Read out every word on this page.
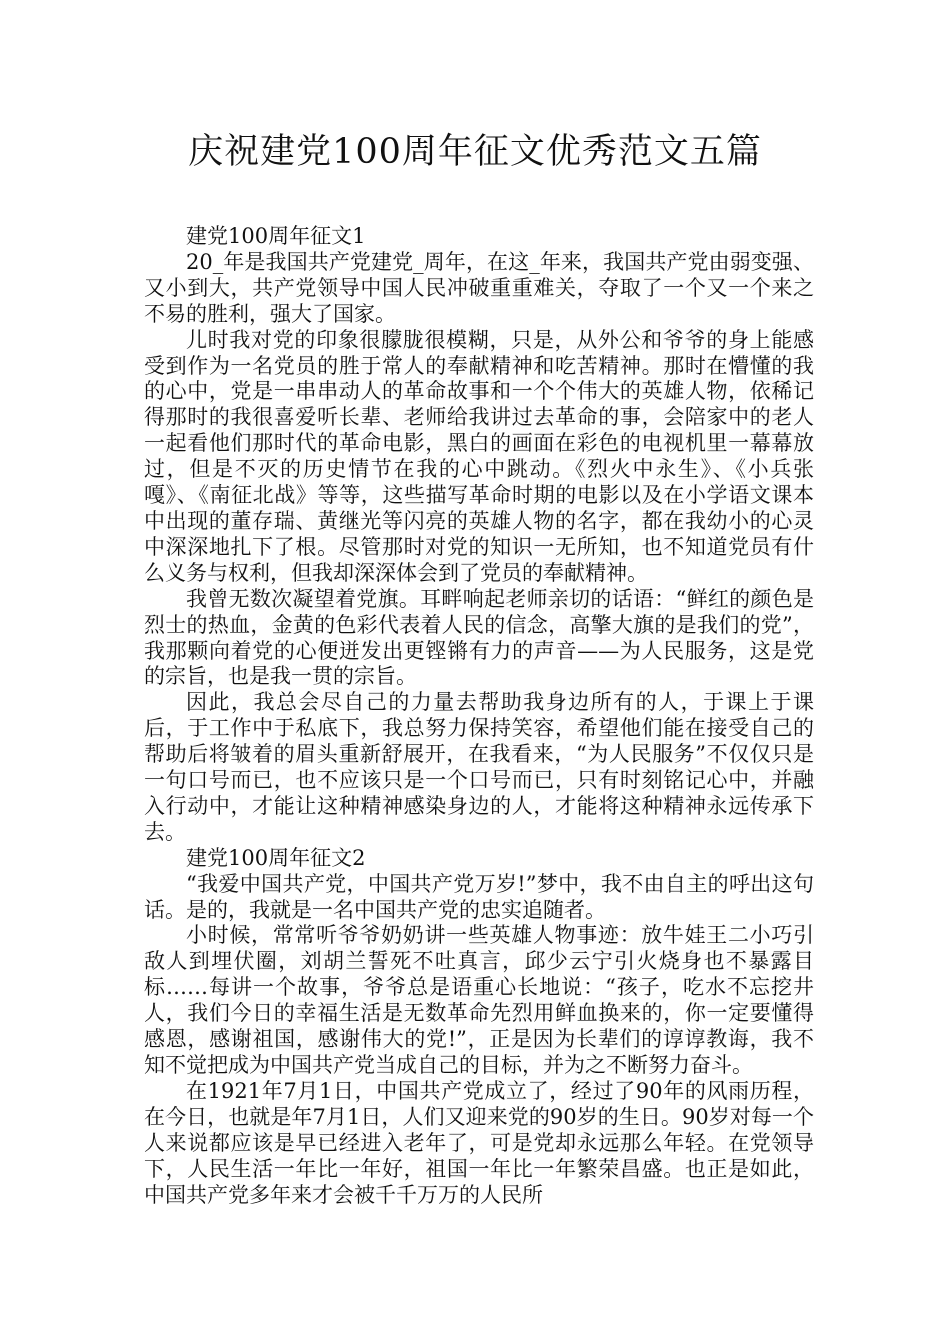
庆祝建党100周年征文优秀范文五篇

建党100周年征文1

20_年是我国共产党建党_周年，在这_年来，我国共产党由弱变强、又小到大，共产党领导中国人民冲破重重难关，夺取了一个又一个来之不易的胜利，强大了国家。

儿时我对党的印象很朦胧很模糊，只是，从外公和爷爷的身上能感受到作为一名党员的胜于常人的奉献精神和吃苦精神。那时在懵懂的我的心中，党是一串串动人的革命故事和一个个伟大的英雄人物，依稀记得那时的我很喜爱听长辈、老师给我讲过去革命的事，会陪家中的老人一起看他们那时代的革命电影，黑白的画面在彩色的电视机里一幕幕放过，但是不灭的历史情节在我的心中跳动。《烈火中永生》、《小兵张嘎》、《南征北战》等等，这些描写革命时期的电影以及在小学语文课本中出现的董存瑞、黄继光等闪亮的英雄人物的名字，都在我幼小的心灵中深深地扎下了根。尽管那时对党的知识一无所知，也不知道党员有什么义务与权利，但我却深深体会到了党员的奉献精神。

我曾无数次凝望着党旗。耳畔响起老师亲切的话语：“鲜红的颜色是烈士的热血，金黄的色彩代表着人民的信念，高擎大旗的是我们的党”，我那颗向着党的心便迸发出更铿锵有力的声音——为人民服务，这是党的宗旨，也是我一贯的宗旨。

因此，我总会尽自己的力量去帮助我身边所有的人，于课上于课后，于工作中于私底下，我总努力保持笑容，希望他们能在接受自己的帮助后将皱着的眉头重新舒展开，在我看来，“为人民服务”不仅仅只是一句口号而已，也不应该只是一个口号而已，只有时刻铭记心中，并融入行动中，才能让这种精神感染身边的人，才能将这种精神永远传承下去。

建党100周年征文2

“我爱中国共产党，中国共产党万岁!”梦中，我不由自主的呼出这句话。是的，我就是一名中国共产党的忠实追随者。

小时候，常常听爷爷奶奶讲一些英雄人物事迹：放牛娃王二小巧引敌人到埋伏圈，刘胡兰誓死不吐真言，邱少云宁引火烧身也不暴露目标……每讲一个故事，爷爷总是语重心长地说：“孩子，吃水不忘挖井人，我们今日的幸福生活是无数革命先烈用鲜血换来的，你一定要懂得感恩，感谢祖国，感谢伟大的党!”，正是因为长辈们的谆谆教诲，我不知不觉把成为中国共产党当成自己的目标，并为之不断努力奋斗。

在1921年7月1日，中国共产党成立了，经过了90年的风雨历程，在今日，也就是年7月1日，人们又迎来党的90岁的生日。90岁对每一个人来说都应该是早已经进入老年了，可是党却永远那么年轻。在党领导下，人民生活一年比一年好，祖国一年比一年繁荣昌盛。也正是如此，中国共产党多年来才会被千千万万的人民所
